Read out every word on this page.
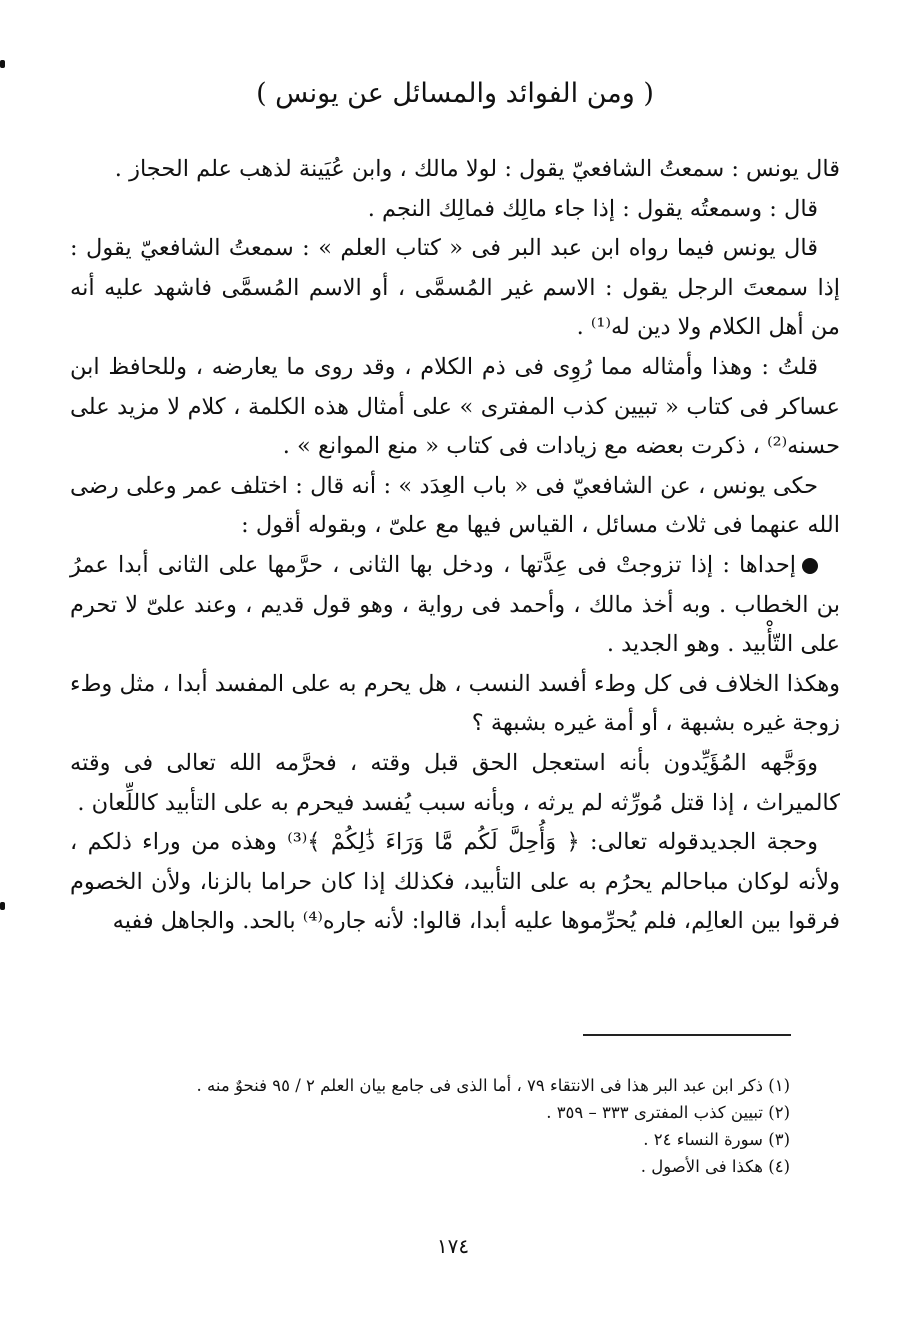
( ومن الفوائد والمسائل عن يونس )

قال يونس : سمعتُ الشافعيّ يقول : لولا مالك ، وابن عُيَينة لذهب علم الحجاز .

قال : وسمعتُه يقول : إذا جاء مالِك فمالِك النجم .

قال يونس فيما رواه ابن عبد البر فى « كتاب العلم » : سمعتُ الشافعيّ يقول : إذا سمعتَ الرجل يقول : الاسم غير المُسمَّى ، أو الاسم المُسمَّى فاشهد عليه أنه من أهل الكلام ولا دين له⁽¹⁾ .

قلتُ : وهذا وأمثاله مما رُوِى فى ذم الكلام ، وقد روى ما يعارضه ، وللحافظ ابن عساكر فى كتاب « تبيين كذب المفترى » على أمثال هذه الكلمة ، كلام لا مزيد على حسنه⁽²⁾ ، ذكرت بعضه مع زيادات فى كتاب « منع الموانع » .

حكى يونس ، عن الشافعيّ فى « باب العِدَد » : أنه قال : اختلف عمر وعلى رضى الله عنهما فى ثلاث مسائل ، القياس فيها مع علىّ ، وبقوله أقول :

إحداها : إذا تزوجتْ فى عِدَّتها ، ودخل بها الثانى ، حرَّمها على الثانى أبدا عمرُ بن الخطاب . وبه أخذ مالك ، وأحمد فى رواية ، وهو قول قديم ، وعند علىّ لا تحرم على التّأْبيد . وهو الجديد .

وهكذا الخلاف فى كل وطء أفسد النسب ، هل يحرم به على المفسد أبدا ، مثل وطء زوجة غيره بشبهة ، أو أمة غيره بشبهة ؟

ووَجَّهه المُؤَيِّدون بأنه استعجل الحق قبل وقته ، فحرَّمه الله تعالى فى وقته كالميراث ، إذا قتل مُورِّثه لم يرثه ، وبأنه سبب يُفسد فيحرم به على التأبيد كاللِّعان .

وحجة الجديدقوله تعالى: ﴿ وَأُحِلَّ لَكُم مَّا وَرَاءَ ذَٰلِكُمْ ﴾⁽³⁾ وهذه من وراء ذلكم ، ولأنه لوكان مباحالم يحرُم به على التأبيد، فكذلك إذا كان حراما بالزنا، ولأن الخصوم فرقوا بين العالِم، فلم يُحرِّموها عليه أبدا، قالوا: لأنه جاره⁽⁴⁾ بالحد. والجاهل ففيه

(١) ذكر ابن عبد البر هذا فى الانتقاء ٧٩ ، أما الذى فى جامع بيان العلم ٢ / ٩٥ فنحوٌ منه .

(٢) تبيين كذب المفترى ٣٣٣ – ٣٥٩ .

(٣) سورة النساء ٢٤ .

(٤) هكذا فى الأصول .

١٧٤
